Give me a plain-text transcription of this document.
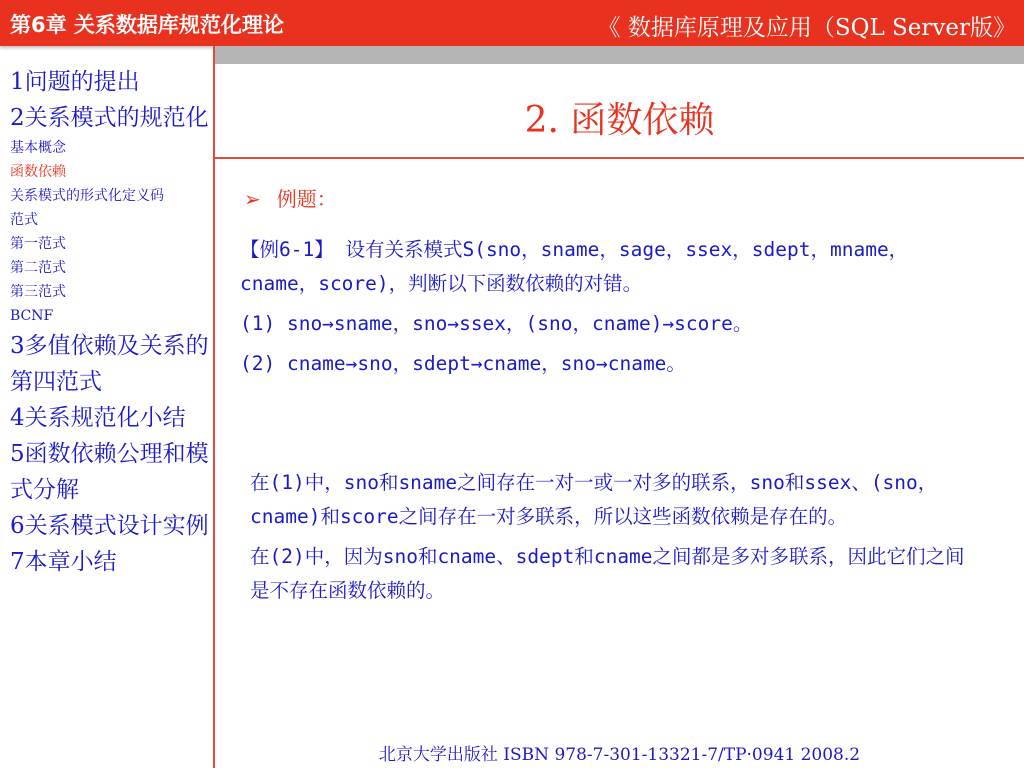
第6章 关系数据库规范化理论	《 数据库原理及应用（SQL Server版》
1问题的提出
2关系模式的规范化
基本概念
函数依赖
关系模式的形式化定义码
范式
第一范式
第二范式
第三范式
BCNF
3多值依赖及关系的第四范式
4关系规范化小结
5函数依赖公理和模式分解
6关系模式设计实例
7本章小结
2. 函数依赖
➢ 例题：

【例6-1】 设有关系模式S(sno，sname，sage，ssex，sdept，mname，cname，score)，判断以下函数依赖的对错。

(1) sno→sname，sno→ssex，(sno，cname)→score。

(2) cname→sno，sdept→cname，sno→cname。

在(1)中，sno和sname之间存在一对一或一对多的联系，sno和ssex、(sno，cname)和score之间存在一对多联系，所以这些函数依赖是存在的。

在(2)中，因为sno和cname、sdept和cname之间都是多对多联系，因此它们之间是不存在函数依赖的。

北京大学出版社 ISBN 978-7-301-13321-7/TP·0941 2008.2
